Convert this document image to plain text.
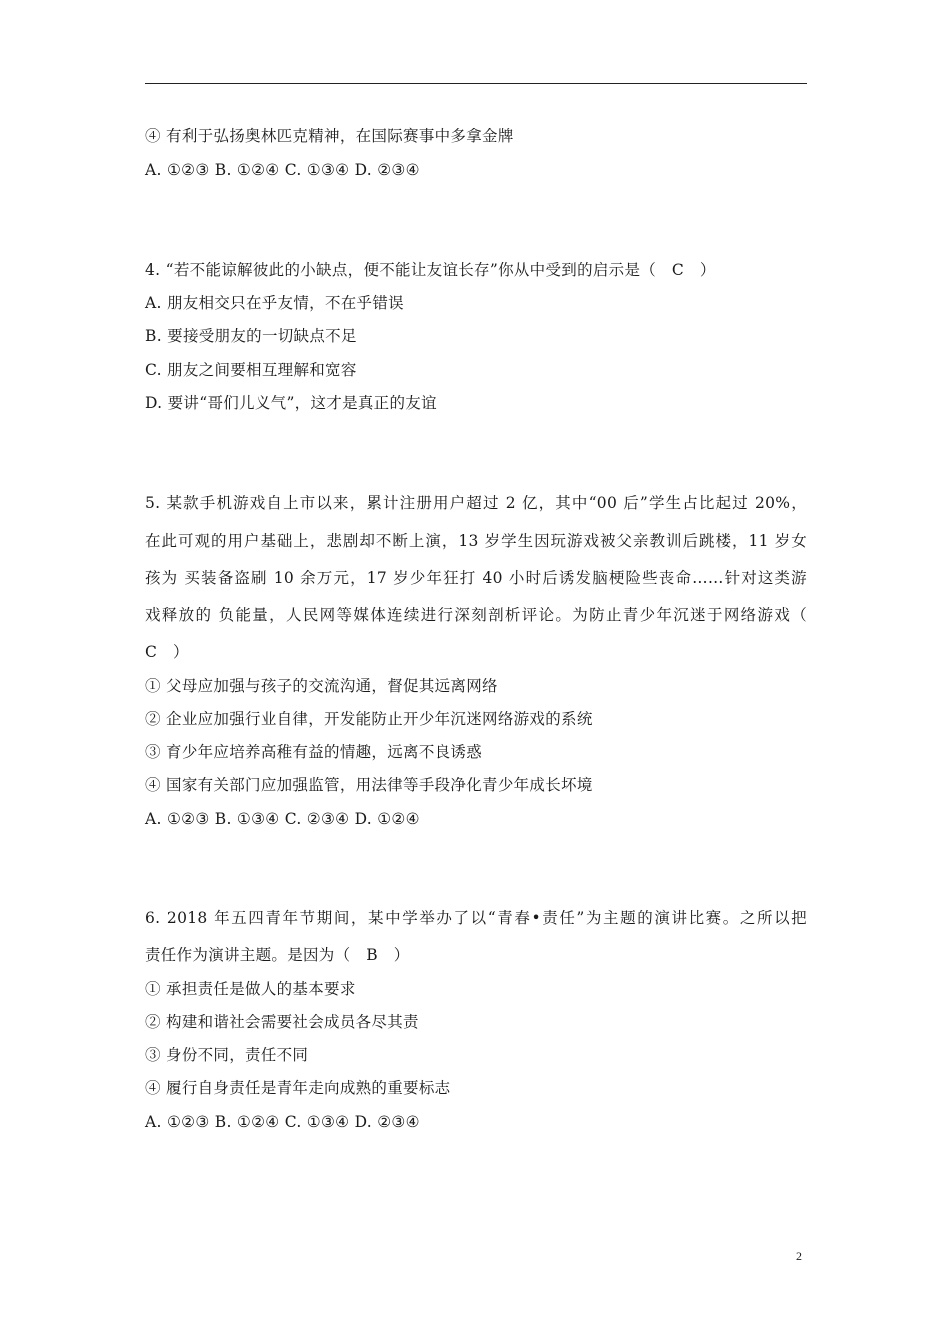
④ 有利于弘扬奥林匹克精神，在国际赛事中多拿金牌
A. ①②③ B. ①②④ C. ①③④ D. ②③④
4. “若不能谅解彼此的小缺点，便不能让友谊长存”你从中受到的启示是（　C　）
A. 朋友相交只在乎友情，不在乎错误
B. 要接受朋友的一切缺点不足
C. 朋友之间要相互理解和宽容
D. 要讲“哥们儿义气”，这才是真正的友谊
5. 某款手机游戏自上市以来，累计注册用户超过 2 亿，其中“00 后”学生占比起过 20%，
在此可观的用户基础上，悲剧却不断上演，13 岁学生因玩游戏被父亲教训后跳楼，11 岁女
孩为 买装备盗刷 10 余万元，17 岁少年狂打 40 小时后诱发脑梗险些丧命……针对这类游
戏释放的 负能量，人民网等媒体连续进行深刻剖析评论。为防止青少年沉迷于网络游戏（
C　）
① 父母应加强与孩子的交流沟通，督促其远离网络
② 企业应加强行业自律，开发能防止开少年沉迷网络游戏的系统
③ 育少年应培养高稚有益的情趣，远离不良诱惑
④ 国家有关部门应加强监管，用法律等手段净化青少年成长坏境
A. ①②③ B. ①③④ C. ②③④ D. ①②④
6. 2018 年五四青年节期间，某中学举办了以“青春•责任”为主题的演讲比赛。之所以把
责任作为演讲主题。是因为（　B　）
① 承担责任是做人的基本要求
② 构建和谐社会需要社会成员各尽其责
③ 身份不同，责任不同
④ 履行自身责任是青年走向成熟的重要标志
A. ①②③ B. ①②④ C. ①③④ D. ②③④
2
